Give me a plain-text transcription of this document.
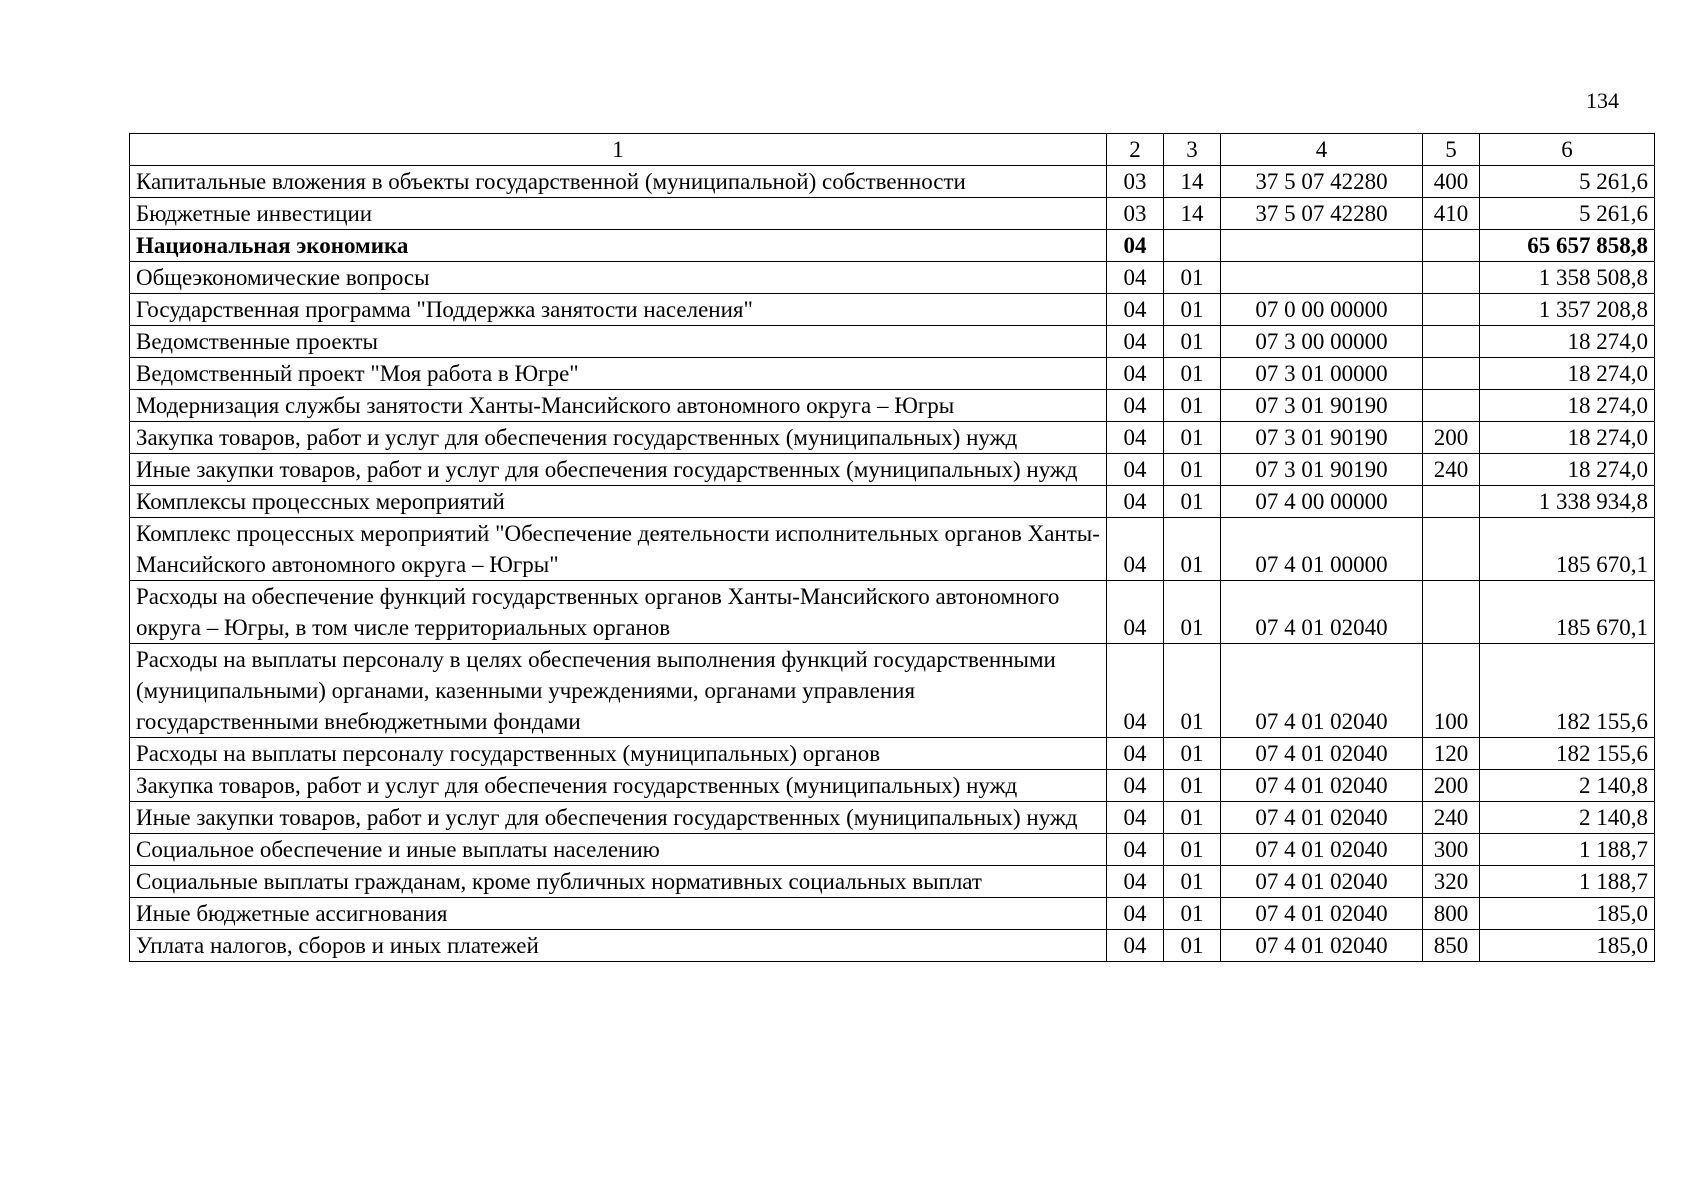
134
1	2	3	4	5	6
Капитальные вложения в объекты государственной (муниципальной) собственности	03	14	37 5 07 42280	400	5 261,6
Бюджетные инвестиции	03	14	37 5 07 42280	410	5 261,6
Национальная экономика	04				65 657 858,8
Общеэкономические вопросы	04	01			1 358 508,8
Государственная программа "Поддержка занятости населения"	04	01	07 0 00 00000		1 357 208,8
Ведомственные проекты	04	01	07 3 00 00000		18 274,0
Ведомственный проект "Моя работа в Югре"	04	01	07 3 01 00000		18 274,0
Модернизация службы занятости Ханты-Мансийского автономного округа – Югры	04	01	07 3 01 90190		18 274,0
Закупка товаров, работ и услуг для обеспечения государственных (муниципальных) нужд	04	01	07 3 01 90190	200	18 274,0
Иные закупки товаров, работ и услуг для обеспечения государственных (муниципальных) нужд	04	01	07 3 01 90190	240	18 274,0
Комплексы процессных мероприятий	04	01	07 4 00 00000		1 338 934,8
Комплекс процессных мероприятий "Обеспечение деятельности исполнительных органов Ханты-Мансийского автономного округа – Югры"	04	01	07 4 01 00000		185 670,1
Расходы на обеспечение функций государственных органов Ханты-Мансийского автономного округа – Югры, в том числе территориальных органов	04	01	07 4 01 02040		185 670,1
Расходы на выплаты персоналу в целях обеспечения выполнения функций государственными (муниципальными) органами, казенными учреждениями, органами управления государственными внебюджетными фондами	04	01	07 4 01 02040	100	182 155,6
Расходы на выплаты персоналу государственных (муниципальных) органов	04	01	07 4 01 02040	120	182 155,6
Закупка товаров, работ и услуг для обеспечения государственных (муниципальных) нужд	04	01	07 4 01 02040	200	2 140,8
Иные закупки товаров, работ и услуг для обеспечения государственных (муниципальных) нужд	04	01	07 4 01 02040	240	2 140,8
Социальное обеспечение и иные выплаты населению	04	01	07 4 01 02040	300	1 188,7
Социальные выплаты гражданам, кроме публичных нормативных социальных выплат	04	01	07 4 01 02040	320	1 188,7
Иные бюджетные ассигнования	04	01	07 4 01 02040	800	185,0
Уплата налогов, сборов и иных платежей	04	01	07 4 01 02040	850	185,0
